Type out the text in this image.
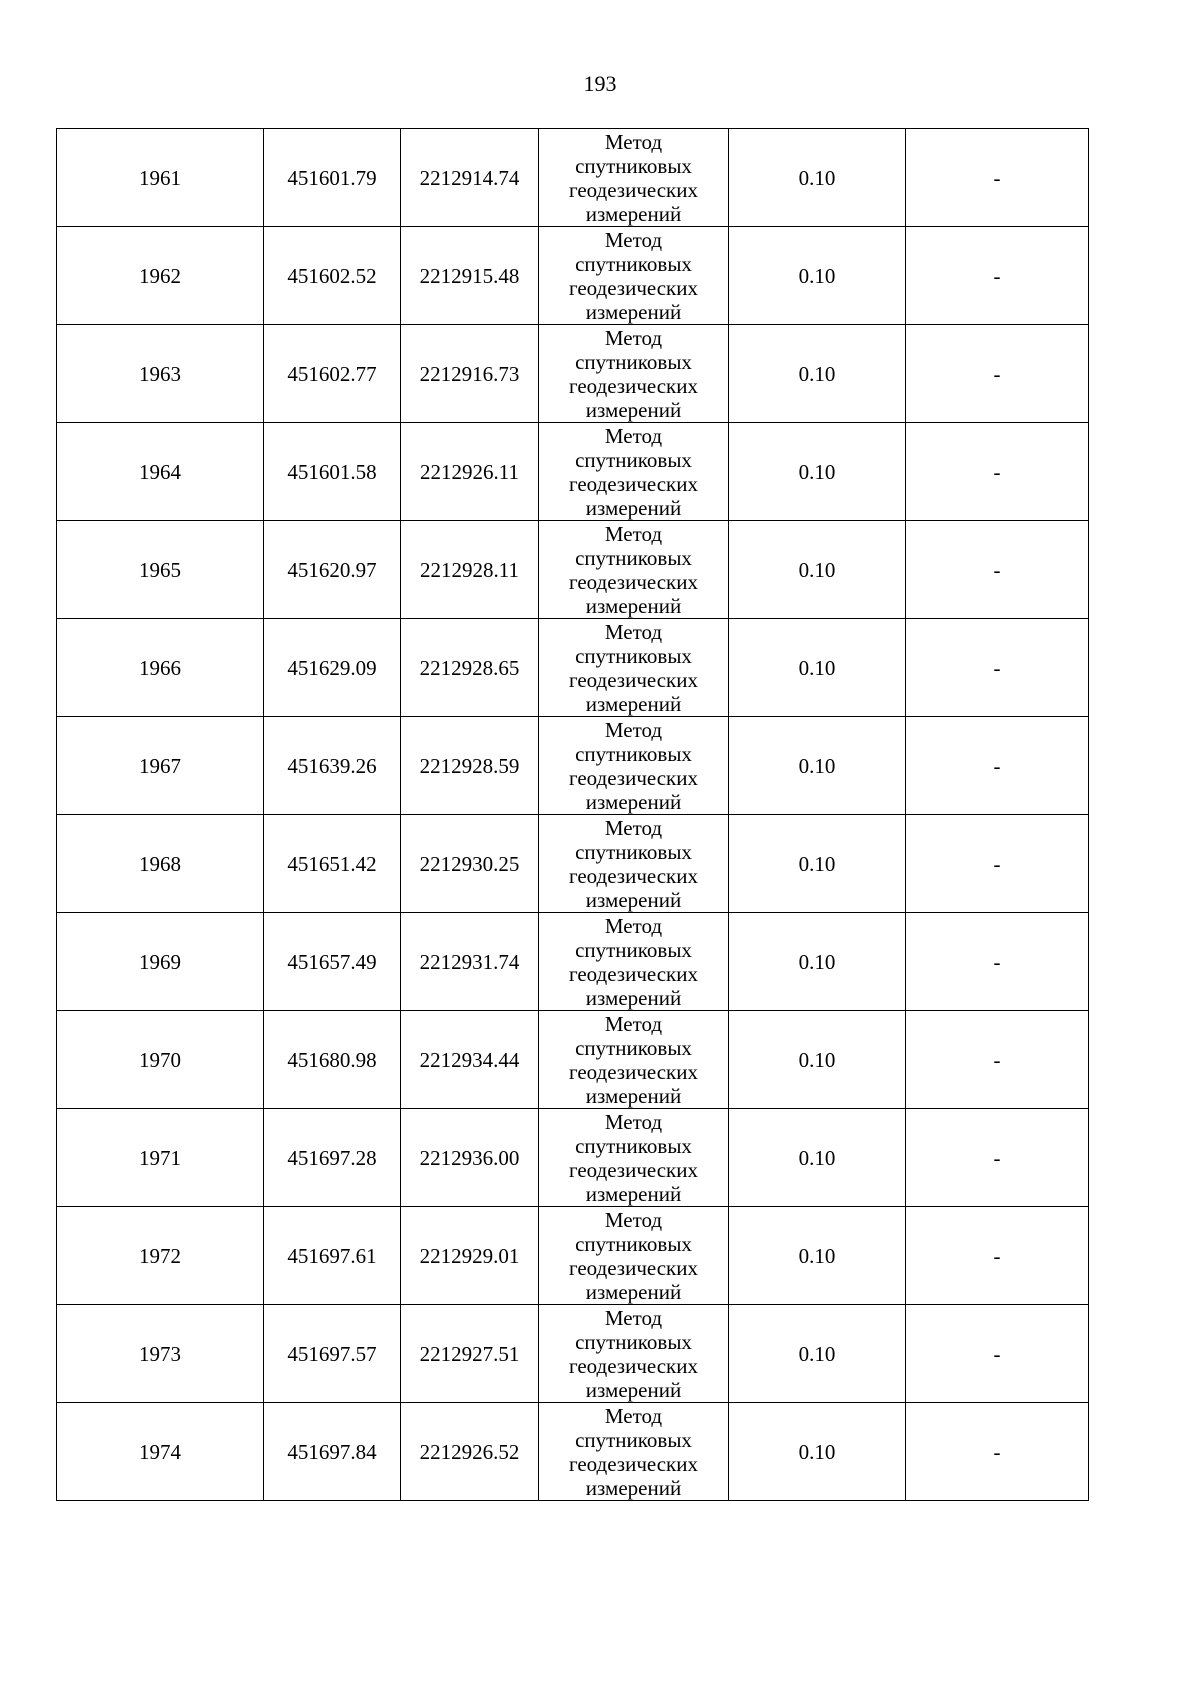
193
1961	451601.79	2212914.74	Метод
спутниковых
геодезических
измерений	0.10	-
1962	451602.52	2212915.48	Метод
спутниковых
геодезических
измерений	0.10	-
1963	451602.77	2212916.73	Метод
спутниковых
геодезических
измерений	0.10	-
1964	451601.58	2212926.11	Метод
спутниковых
геодезических
измерений	0.10	-
1965	451620.97	2212928.11	Метод
спутниковых
геодезических
измерений	0.10	-
1966	451629.09	2212928.65	Метод
спутниковых
геодезических
измерений	0.10	-
1967	451639.26	2212928.59	Метод
спутниковых
геодезических
измерений	0.10	-
1968	451651.42	2212930.25	Метод
спутниковых
геодезических
измерений	0.10	-
1969	451657.49	2212931.74	Метод
спутниковых
геодезических
измерений	0.10	-
1970	451680.98	2212934.44	Метод
спутниковых
геодезических
измерений	0.10	-
1971	451697.28	2212936.00	Метод
спутниковых
геодезических
измерений	0.10	-
1972	451697.61	2212929.01	Метод
спутниковых
геодезических
измерений	0.10	-
1973	451697.57	2212927.51	Метод
спутниковых
геодезических
измерений	0.10	-
1974	451697.84	2212926.52	Метод
спутниковых
геодезических
измерений	0.10	-
